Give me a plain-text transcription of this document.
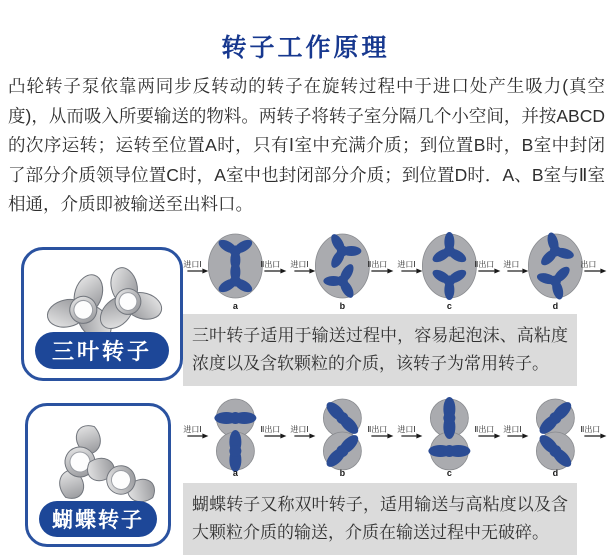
转子工作原理

凸轮转子泵依靠两同步反转动的转子在旋转过程中于进口处产生吸力(真空度)，从而吸入所要输送的物料。两转子将转子室分隔几个小空间，并按ABCD的次序运转；运转至位置A时，只有Ⅰ室中充满介质；到位置B时，B室中封闭了部分介质领导位置C时，A室中也封闭部分介质；到位置D时．A、B室与Ⅱ室相通，介质即被输送至出料口。

三叶转子
进口Ⅰ	Ⅱ出口
a
进口Ⅰ	Ⅱ出口
b
进口Ⅰ	Ⅱ出口
c
进口	出口
d
三叶转子适用于输送过程中，容易起泡沫、高粘度浓度以及含软颗粒的介质，该转子为常用转子。
蝴蝶转子
进口Ⅰ	Ⅱ出口
a
进口Ⅰ	Ⅱ出口
b
进口Ⅰ	Ⅱ出口
c
进口Ⅰ	Ⅱ出口
d
蝴蝶转子又称双叶转子，适用输送与高粘度以及含大颗粒介质的输送，介质在输送过程中无破碎。
